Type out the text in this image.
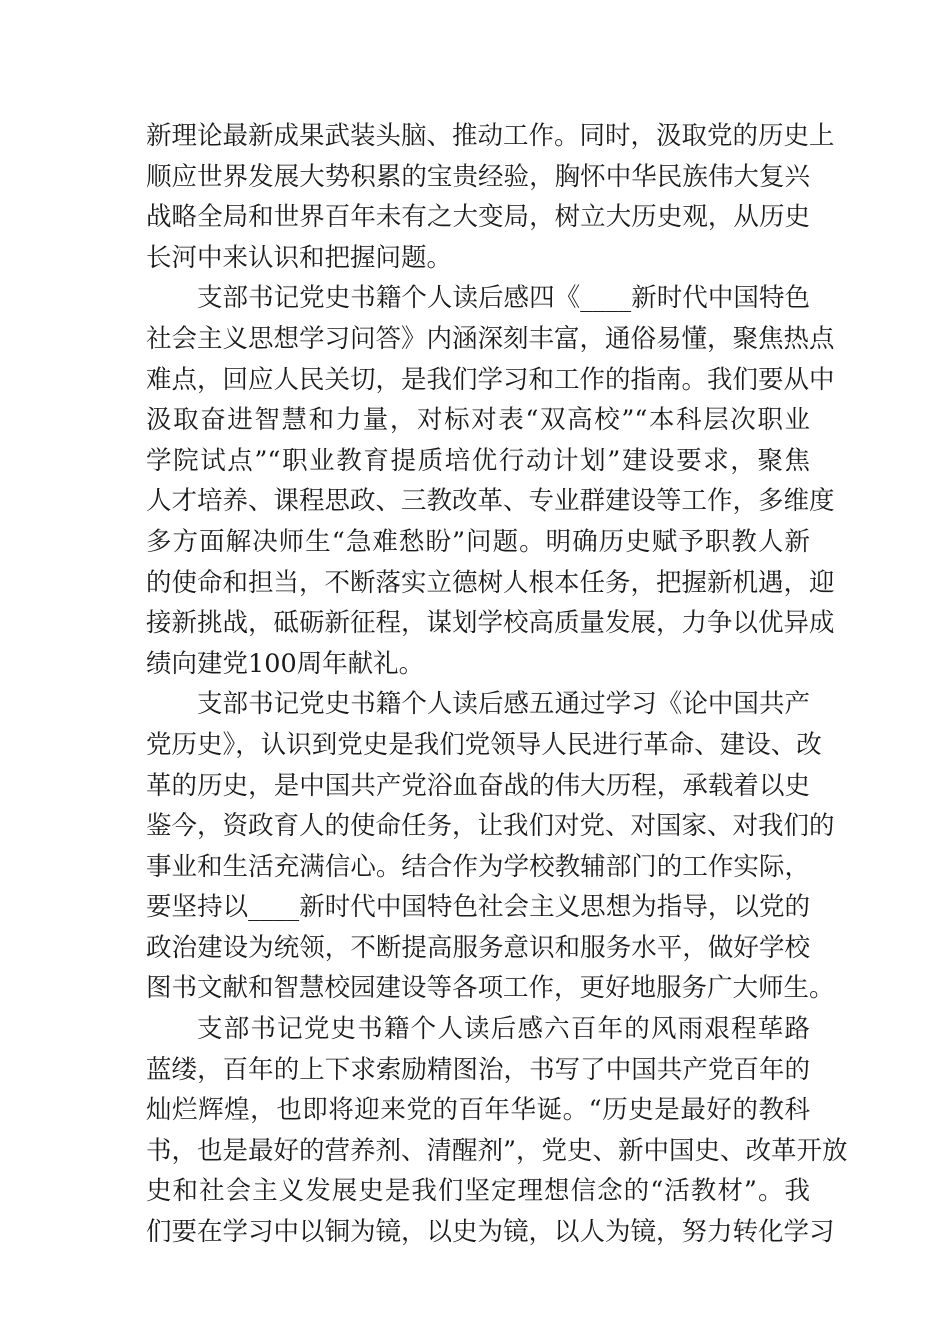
新理论最新成果武装头脑、推动工作。同时，汲取党的历史上
顺应世界发展大势积累的宝贵经验，胸怀中华民族伟大复兴
战略全局和世界百年未有之大变局，树立大历史观，从历史
长河中来认识和把握问题。
支部书记党史书籍个人读后感四《____新时代中国特色
社会主义思想学习问答》内涵深刻丰富，通俗易懂，聚焦热点
难点，回应人民关切，是我们学习和工作的指南。我们要从中
汲取奋进智慧和力量，对标对表“双高校”“本科层次职业
学院试点”“职业教育提质培优行动计划”建设要求，聚焦
人才培养、课程思政、三教改革、专业群建设等工作，多维度
多方面解决师生“急难愁盼”问题。明确历史赋予职教人新
的使命和担当，不断落实立德树人根本任务，把握新机遇，迎
接新挑战，砥砺新征程，谋划学校高质量发展，力争以优异成
绩向建党100周年献礼。
支部书记党史书籍个人读后感五通过学习《论中国共产
党历史》，认识到党史是我们党领导人民进行革命、建设、改
革的历史，是中国共产党浴血奋战的伟大历程，承载着以史
鉴今，资政育人的使命任务，让我们对党、对国家、对我们的
事业和生活充满信心。结合作为学校教辅部门的工作实际，
要坚持以____新时代中国特色社会主义思想为指导，以党的
政治建设为统领，不断提高服务意识和服务水平，做好学校
图书文献和智慧校园建设等各项工作，更好地服务广大师生。
支部书记党史书籍个人读后感六百年的风雨艰程荜路
蓝缕，百年的上下求索励精图治，书写了中国共产党百年的
灿烂辉煌，也即将迎来党的百年华诞。“历史是最好的教科
书，也是最好的营养剂、清醒剂”，党史、新中国史、改革开放
史和社会主义发展史是我们坚定理想信念的“活教材”。我
们要在学习中以铜为镜，以史为镜，以人为镜，努力转化学习
